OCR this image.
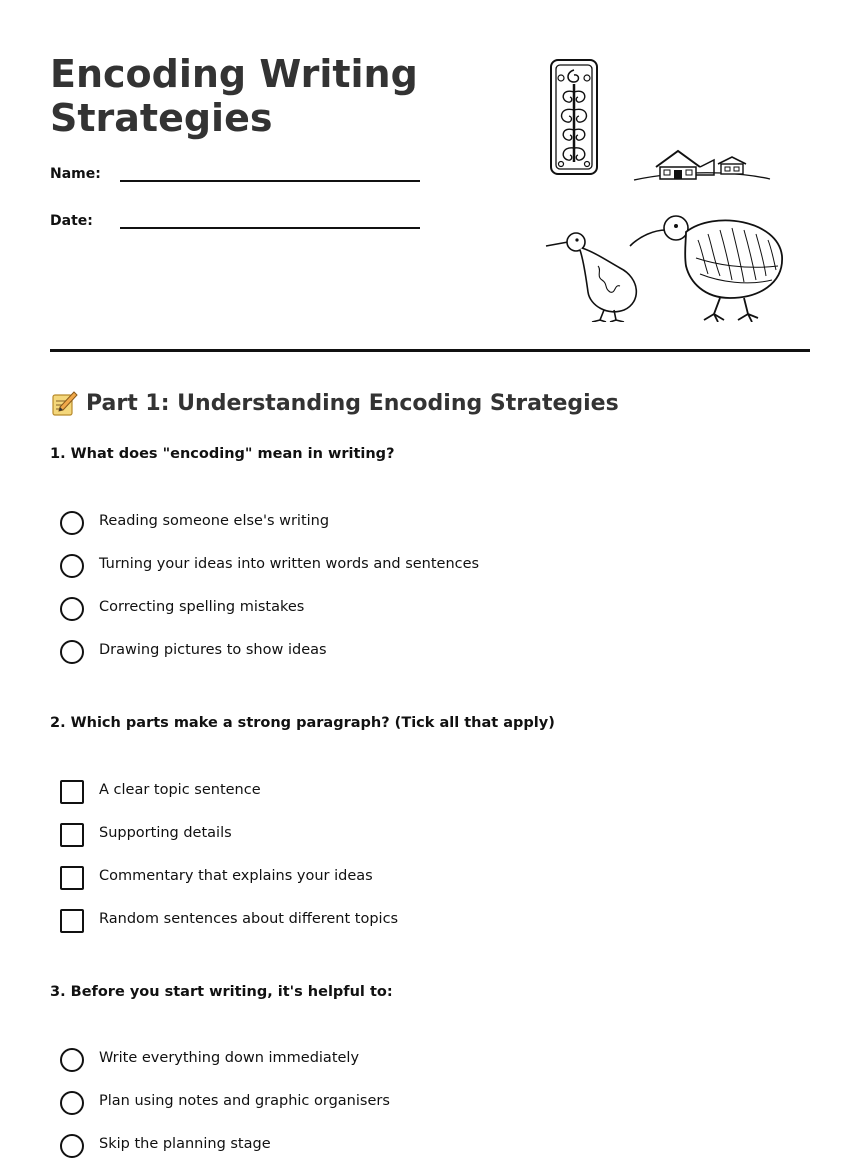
Encoding Writing Strategies
Name:
Date:
Part 1: Understanding Encoding Strategies

1. What does "encoding" mean in writing?

Reading someone else's writing
Turning your ideas into written words and sentences
Correcting spelling mistakes
Drawing pictures to show ideas

2. Which parts make a strong paragraph? (Tick all that apply)

A clear topic sentence
Supporting details
Commentary that explains your ideas
Random sentences about different topics

3. Before you start writing, it's helpful to:

Write everything down immediately
Plan using notes and graphic organisers
Skip the planning stage
